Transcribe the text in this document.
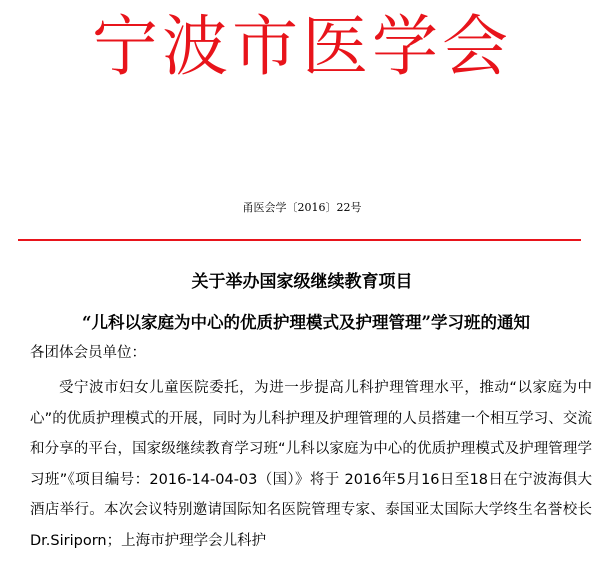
宁波市医学会
甬医会学〔2016〕22号
关于举办国家级继续教育项目
“儿科以家庭为中心的优质护理模式及护理管理”学习班的通知
各团体会员单位：
受宁波市妇女儿童医院委托，为进一步提高儿科护理管理水平，推动“以家庭为中心”的优质护理模式的开展，同时为儿科护理及护理管理的人员搭建一个相互学习、交流和分享的平台，国家级继续教育学习班“儿科以家庭为中心的优质护理模式及护理管理学习班”《项目编号：2016-14-04-03（国）》将于 2016年5月16日至18日在宁波海俱大酒店举行。本次会议特别邀请国际知名医院管理专家、泰国亚太国际大学终生名誉校长Dr.Siriporn；上海市护理学会儿科护
